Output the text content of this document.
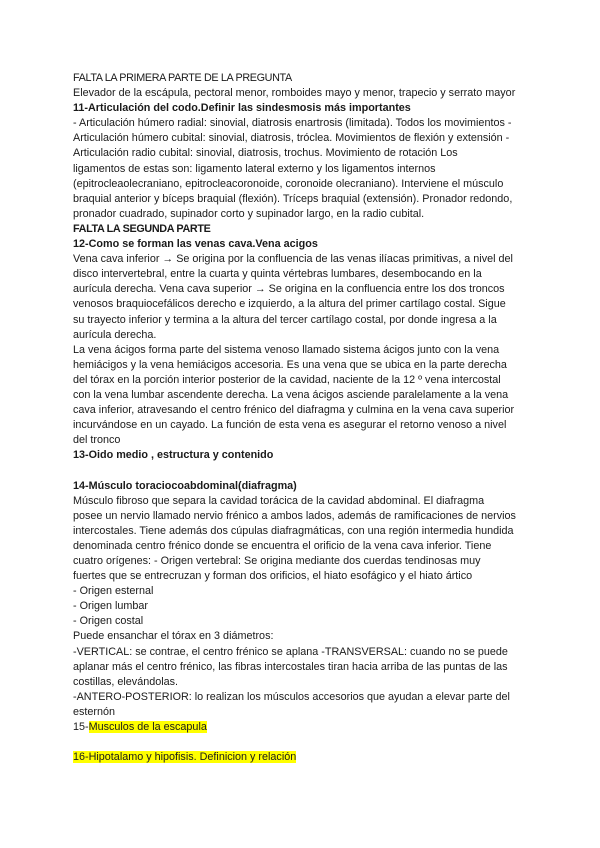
FALTA LA PRIMERA PARTE DE LA PREGUNTA
Elevador de la escápula, pectoral menor, romboides mayo y menor, trapecio y serrato mayor
11-Articulación del codo.Definir las sindesmosis más importantes
- Articulación húmero radial: sinovial, diatrosis enartrosis (limitada). Todos los movimientos -
Articulación húmero cubital: sinovial, diatrosis, tróclea. Movimientos de flexión y extensión -
Articulación radio cubital: sinovial, diatrosis, trochus. Movimiento de rotación Los
ligamentos de estas son: ligamento lateral externo y los ligamentos internos
(epitrocleaolecraniano, epitrocleacoronoide, coronoide olecraniano). Interviene el músculo
braquial anterior y bíceps braquial (flexión). Tríceps braquial (extensión). Pronador redondo,
pronador cuadrado, supinador corto y supinador largo, en la radio cubital.
FALTA LA SEGUNDA PARTE
12-Como se forman las venas cava.Vena acigos
Vena cava inferior → Se origina por la confluencia de las venas ilíacas primitivas, a nivel del
disco intervertebral, entre la cuarta y quinta vértebras lumbares, desembocando en la
aurícula derecha. Vena cava superior → Se origina en la confluencia entre los dos troncos
venosos braquiocefálicos derecho e izquierdo, a la altura del primer cartílago costal. Sigue
su trayecto inferior y termina a la altura del tercer cartílago costal, por donde ingresa a la
aurícula derecha.
La vena ácigos forma parte del sistema venoso llamado sistema ácigos junto con la vena
hemiácigos y la vena hemiácigos accesoria. Es una vena que se ubica en la parte derecha
del tórax en la porción interior posterior de la cavidad, naciente de la 12 º vena intercostal
con la vena lumbar ascendente derecha. La vena ácigos asciende paralelamente a la vena
cava inferior, atravesando el centro frénico del diafragma y culmina en la vena cava superior
incurvándose en un cayado. La función de esta vena es asegurar el retorno venoso a nivel
del tronco
13-Oido medio , estructura y contenido
14-Músculo toraciocoabdominal(diafragma)
Músculo fibroso que separa la cavidad torácica de la cavidad abdominal. El diafragma
posee un nervio llamado nervio frénico a ambos lados, además de ramificaciones de nervios
intercostales. Tiene además dos cúpulas diafragmáticas, con una región intermedia hundida
denominada centro frénico donde se encuentra el orificio de la vena cava inferior. Tiene
cuatro orígenes: - Origen vertebral: Se origina mediante dos cuerdas tendinosas muy
fuertes que se entrecruzan y forman dos orificios, el hiato esofágico y el hiato ártico
- Origen esternal
- Origen lumbar
- Origen costal
Puede ensanchar el tórax en 3 diámetros:
-VERTICAL: se contrae, el centro frénico se aplana -TRANSVERSAL: cuando no se puede
aplanar más el centro frénico, las fibras intercostales tiran hacia arriba de las puntas de las
costillas, elevándolas.
-ANTERO-POSTERIOR: lo realizan los músculos accesorios que ayudan a elevar parte del
esternón
15-Musculos de la escapula
16-Hipotalamo y hipofisis. Definicion y relación
